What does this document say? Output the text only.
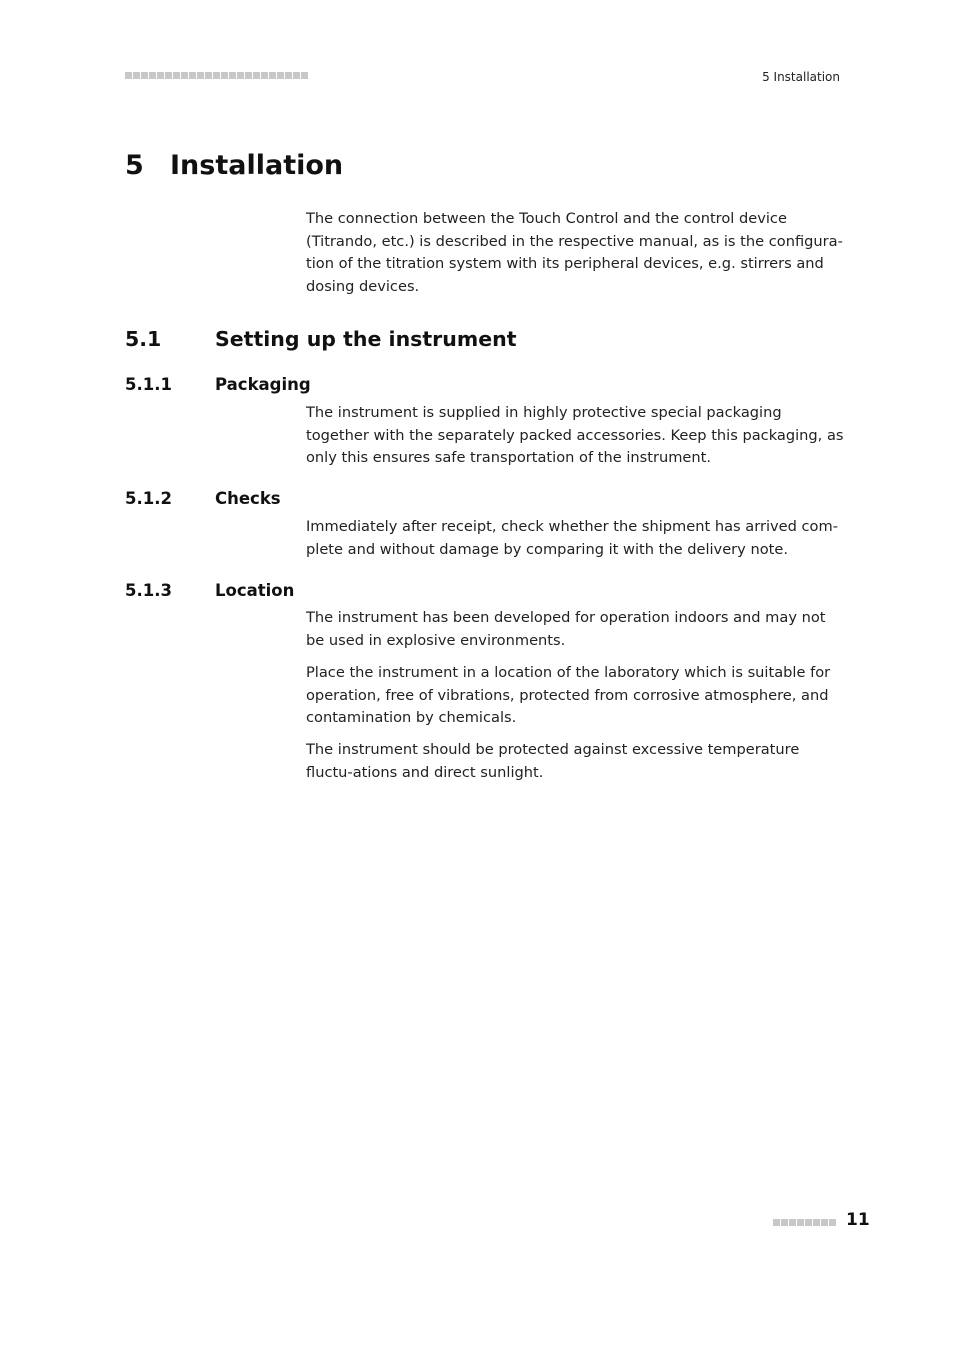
5 Installation
5 Installation

The connection between the Touch Control and the control device (Titrando, etc.) is described in the respective manual, as is the configura-tion of the titration system with its peripheral devices, e.g. stirrers and dosing devices.

5.1	Setting up the instrument
5.1.1	Packaging

The instrument is supplied in highly protective special packaging together with the separately packed accessories. Keep this packaging, as only this ensures safe transportation of the instrument.

5.1.2	Checks

Immediately after receipt, check whether the shipment has arrived com-plete and without damage by comparing it with the delivery note.

5.1.3	Location

The instrument has been developed for operation indoors and may not be used in explosive environments.

Place the instrument in a location of the laboratory which is suitable for operation, free of vibrations, protected from corrosive atmosphere, and contamination by chemicals.

The instrument should be protected against excessive temperature fluctu-ations and direct sunlight.

11
